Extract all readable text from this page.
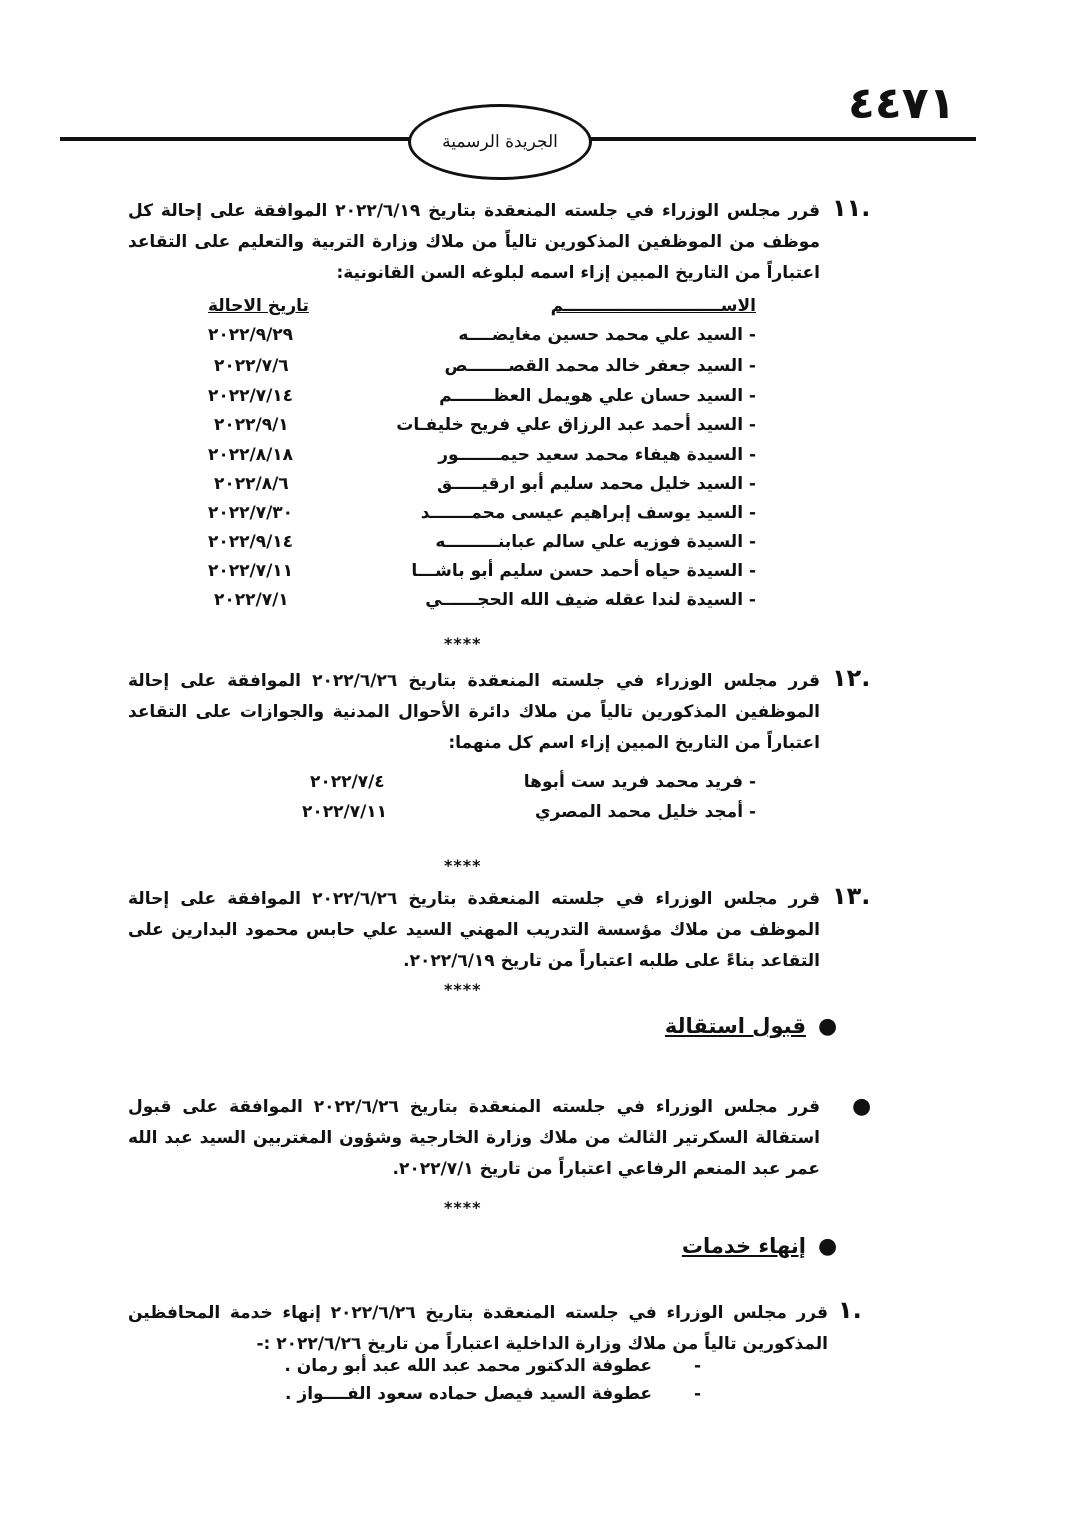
٤٤٧١
الجريدة الرسمية
.١١
قرر مجلس الوزراء في جلسته المنعقدة بتاريخ ٢٠٢٢/٦/١٩ الموافقة على إحالة كل موظف من الموظفين المذكورين تالياً من ملاك وزارة التربية والتعليم على التقاعد اعتباراً من التاريخ المبين إزاء اسمه لبلوغه السن القانونية:
الاســـــــــــــــــــــــــــم
تاريخ الاحالة
- السيد علي محمد حسين مغايضــــه
٢٠٢٢/٩/٢٩
- السيد جعفر خالد محمد القصـــــــص
٢٠٢٢/٧/٦
- السيد حسان علي هويمل العظـــــــم
٢٠٢٢/٧/١٤
- السيد أحمد عبد الرزاق علي فريح خليفـات
٢٠٢٢/٩/١
- السيدة هيفاء محمد سعيد حيمـــــــور
٢٠٢٢/٨/١٨
- السيد خليل محمد سليم أبو ارقيـــــق
٢٠٢٢/٨/٦
- السيد يوسف إبراهيم عيسى محمـــــــد
٢٠٢٢/٧/٣٠
- السيدة فوزيه علي سالم عبابنـــــــــه
٢٠٢٢/٩/١٤
- السيدة حياه أحمد حسن سليم أبو باشـــا
٢٠٢٢/٧/١١
- السيدة لندا عقله ضيف الله الحجــــــي
٢٠٢٢/٧/١
****
.١٢
قرر مجلس الوزراء في جلسته المنعقدة بتاريخ ٢٠٢٢/٦/٢٦ الموافقة على إحالة الموظفين المذكورين تالياً من ملاك دائرة الأحوال المدنية والجوازات على التقاعد اعتباراً من التاريخ المبين إزاء اسم كل منهما:
- فريد محمد فريد ست أبوها
٢٠٢٢/٧/٤
- أمجد خليل محمد المصري
٢٠٢٢/٧/١١
****
.١٣
قرر مجلس الوزراء في جلسته المنعقدة بتاريخ ٢٠٢٢/٦/٢٦ الموافقة على إحالة الموظف من ملاك مؤسسة التدريب المهني السيد علي حابس محمود البدارين على التقاعد بناءً على طلبه اعتباراً من تاريخ ٢٠٢٢/٦/١٩.
****
●
قبول استقالة
●
قرر مجلس الوزراء في جلسته المنعقدة بتاريخ ٢٠٢٢/٦/٢٦ الموافقة على قبول استقالة السكرتير الثالث من ملاك وزارة الخارجية وشؤون المغتربين السيد عبد الله عمر عبد المنعم الرفاعي اعتباراً من تاريخ ٢٠٢٢/٧/١.
****
●
إنهاء خدمات
.١
قرر مجلس الوزراء في جلسته المنعقدة بتاريخ ٢٠٢٢/٦/٢٦ إنهاء خدمة المحافظين المذكورين تالياً من ملاك وزارة الداخلية اعتباراً من تاريخ ٢٠٢٢/٦/٢٦ :-
-
عطوفة الدكتور محمد عبد الله عبد أبو رمان .
-
عطوفة السيد فيصل حماده سعود الفــــواز .
